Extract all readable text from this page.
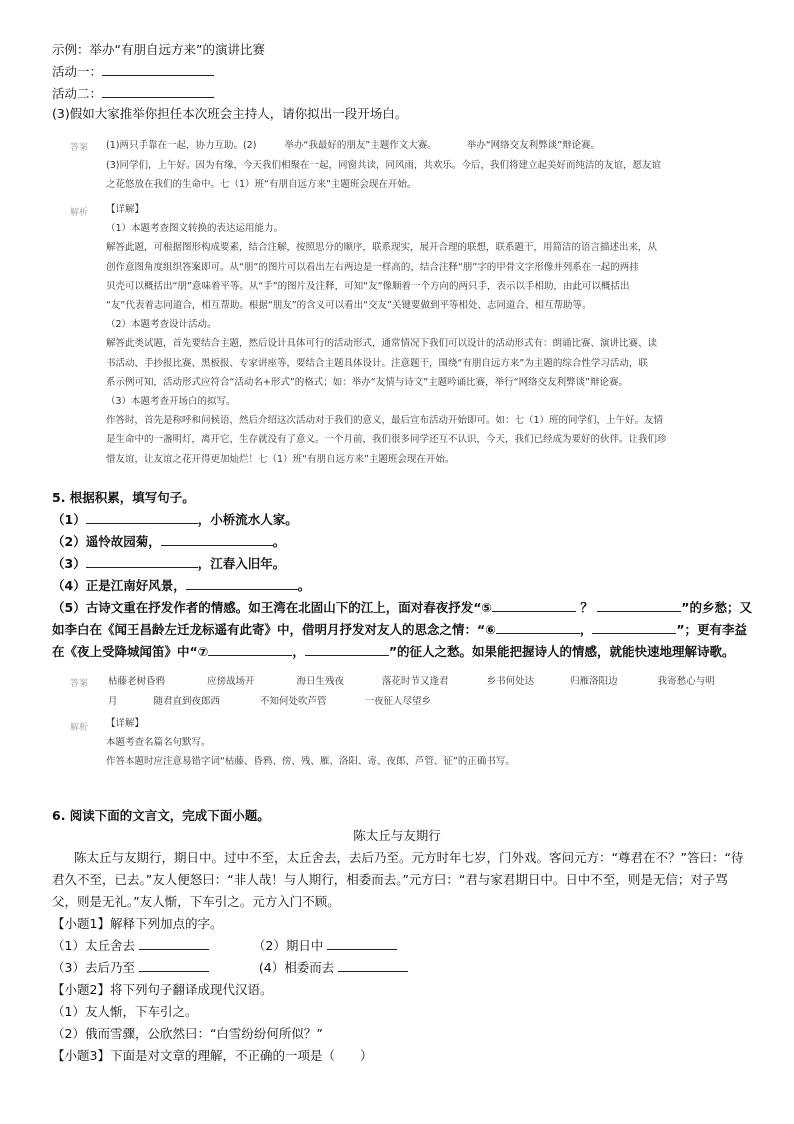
示例：举办“有朋自远方来”的演讲比赛
活动一：
活动二：
(3)假如大家推举你担任本次班会主持人，请你拟出一段开场白。
答案 (1)两只手靠在一起，协力互助。(2)	举办“我最好的朋友”主题作文大赛。	举办“网络交友利弊谈”辩论赛。
(3)同学们，上午好。因为有缘，今天我们相聚在一起，同窗共读，同风雨，共欢乐。今后，我们将建立起美好而纯洁的友谊，愿友谊
之花悠放在我们的生命中。七（1）班“有朋自远方来”主题班会现在开始。
解析 【详解】
（1）本题考查图文转换的表达运用能力。
解答此题，可根据图形构成要素，结合注解，按照思分的顺序，联系现实，展开合理的联想，联系题干，用简洁的语言描述出来，从
创作意图角度组织答案即可。从“朋”的图片可以看出左右两边是一样高的，结合注释“朋”字的甲骨文字形像并列系在一起的两挂
贝壳可以概括出“朋”意味着平等。从“手”的图片及注释，可知“友”像顺着一个方向的两只手，表示以手相助，由此可以概括出
“友”代表着志同道合，相互帮助。根据“朋友”的含义可以看出“交友”关键要做到平等相处、志同道合、相互帮助等。
（2）本题考查设计活动。
解答此类试题，首先要结合主题，然后设计具体可行的活动形式，通常情况下我们可以设计的活动形式有：朗诵比赛、演讲比赛、读
书活动、手抄报比赛、黑板报、专家讲座等，要结合主题具体设计。注意题干，围绕“有朋自远方来”为主题的综合性学习活动，联
系示例可知，活动形式应符合“活动名+形式”的格式；如：举办“友情与诗文”主题吟诵比赛，举行“网络交友利弊谈”辩论赛。
（3）本题考查开场白的拟写。
作答时，首先是称呼和问候语，然后介绍这次活动对于我们的意义，最后宣布活动开始即可。如：七（1）班的同学们，上午好。友情
是生命中的一盏明灯，离开它，生存就没有了意义。一个月前，我们很多同学还互不认识，今天，我们已经成为要好的伙伴。让我们珍
惜友谊，让友谊之花开得更加灿烂！七（1）班“有朋自远方来”主题班会现在开始。
5. 根据积累，填写句子。
（1）	，小桥流水人家。
（2）遥怜故园菊，	。
（3）	，江春入旧年。
（4）正是江南好风景，	。
（5）古诗文重在抒发作者的情感。如王湾在北固山下的江上，面对春夜抒发“⑤	？	”的乡愁；又
如李白在《闻王昌龄左迁龙标遥有此寄》中，借明月抒发对友人的思念之情：“⑥	，	”；更有李益
在《夜上受降城闻笛》中“⑦	，	”的征人之愁。如果能把握诗人的情感，就能快速地理解诗歌。
答案 枯藤老树昏鸦	应傍战场开	海日生残夜	落花时节又逢君	乡书何处达	归雁洛阳边	我寄愁心与明
月	随君直到夜郎西	不知何处吹芦管	一夜征人尽望乡
解析 【详解】
本题考查名篇名句默写。
作答本题时应注意易错字词“枯藤、昏鸦、傍、残、雁、洛阳、寄、夜郎、芦管、征”的正确书写。
6. 阅读下面的文言文，完成下面小题。
陈太丘与友期行
陈太丘与友期行，期日中。过中不至，太丘舍去，去后乃至。元方时年七岁，门外戏。客问元方：“尊君在不？”答曰：“待
君久不至，已去。”友人便怒曰：“非人哉！与人期行，相委而去。”元方曰：“君与家君期日中。日中不至，则是无信；对子骂
父，则是无礼。”友人惭，下车引之。元方入门不顾。
【小题1】解释下列加点的字。
（1）太丘舍去	（2）期日中
（3）去后乃至	(4）相委而去
【小题2】将下列句子翻译成现代汉语。
（1）友人惭，下车引之。
（2）俄而雪骤，公欣然曰：“白雪纷纷何所似？”
【小题3】下面是对文章的理解，不正确的一项是（　　）
